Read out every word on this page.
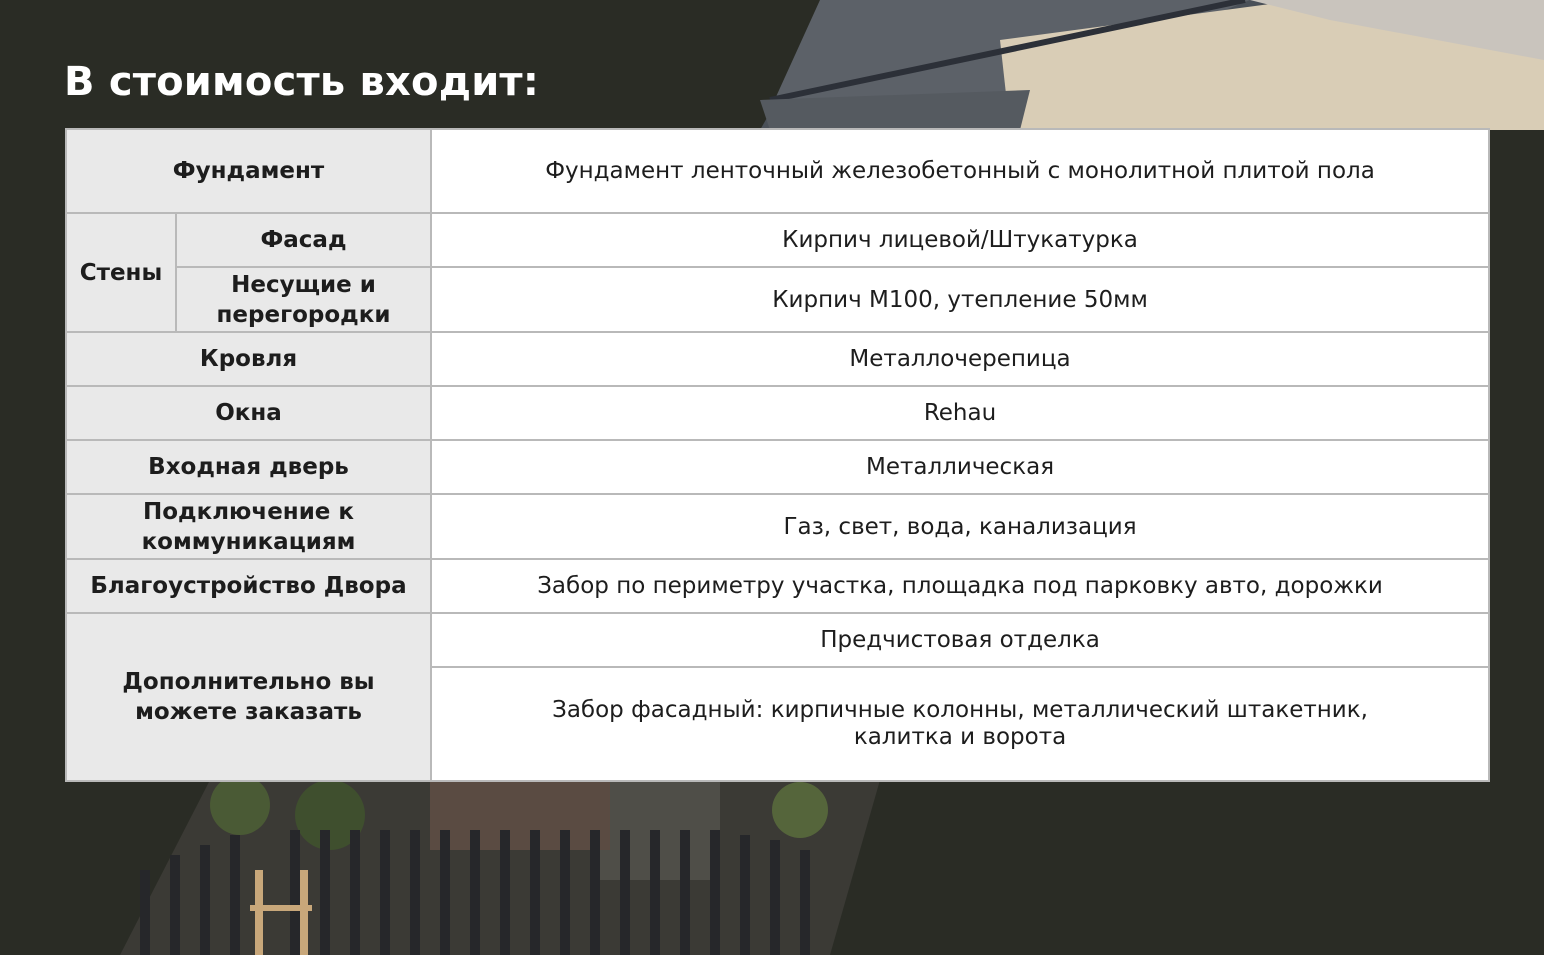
В стоимость входит:
Фундамент		Фундамент ленточный железобетонный с монолитной плитой пола
Стены	Фасад	Кирпич лицевой/Штукатурка
	Несущие и перегородки	Кирпич М100, утепление 50мм
Кровля		Металлочерепица
Окна		Rehau
Входная дверь		Металлическая
Подключение к коммуникациям		Газ, свет, вода, канализация
Благоустройство Двора		Забор по периметру участка, площадка под парковку авто, дорожки
Дополнительно вы можете заказать		Предчистовая отделка
		Забор фасадный: кирпичные колонны, металлический штакетник, калитка и ворота
